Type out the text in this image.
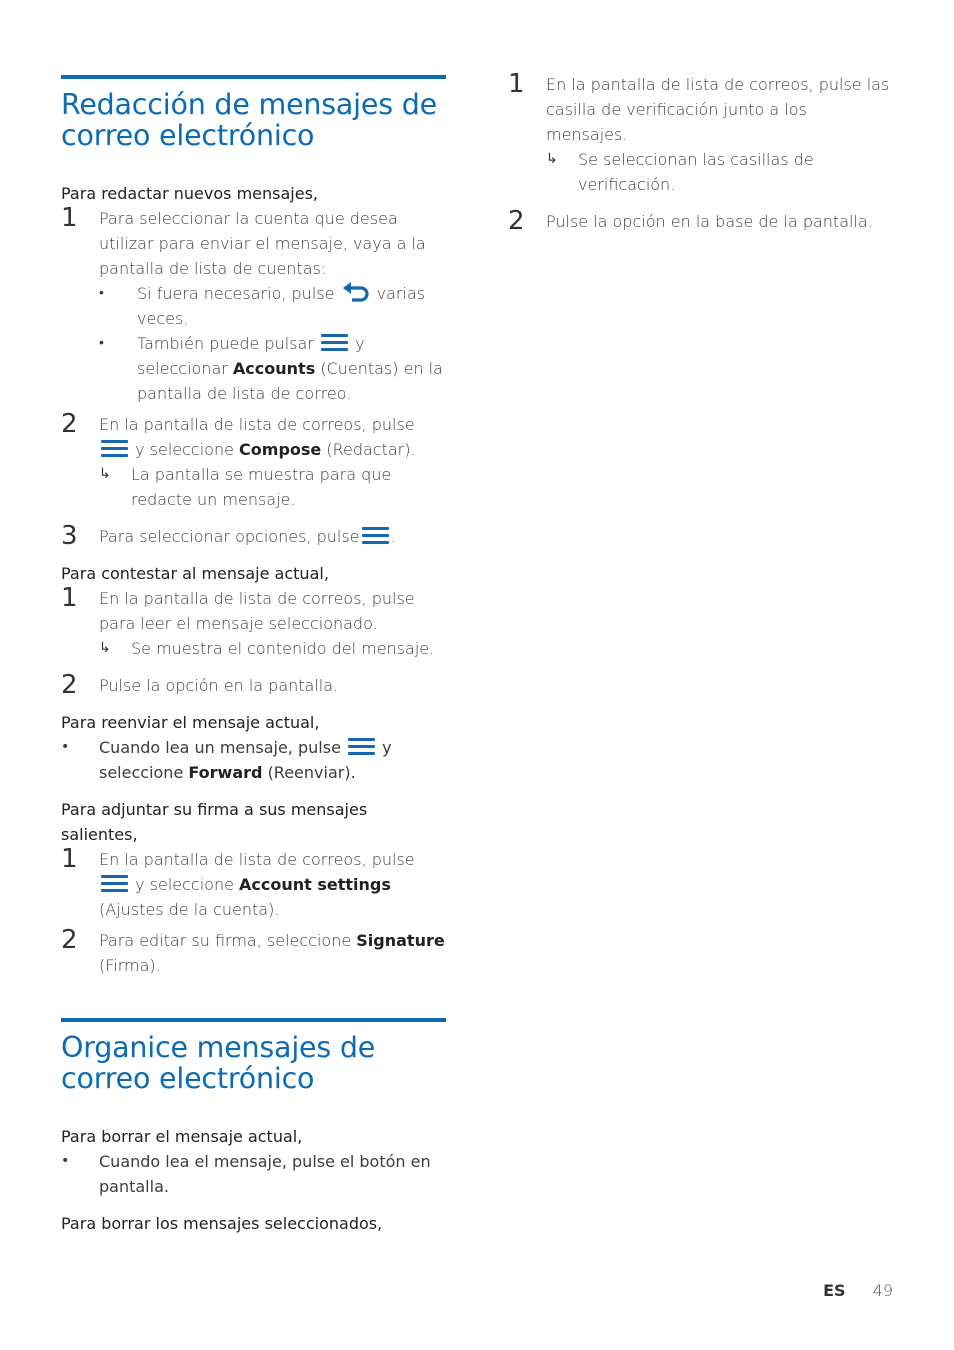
Redacción de mensajes de correo electrónico

Para redactar nuevos mensajes,

1 Para seleccionar la cuenta que desea utilizar para enviar el mensaje, vaya a la pantalla de lista de cuentas:
• Si fuera necesario, pulse	varias veces.
• También puede pulsar	y seleccionar Accounts (Cuentas) en la pantalla de lista de correo.
2 En la pantalla de lista de correos, pulse
y seleccione Compose (Redactar).
↳ La pantalla se muestra para que redacte un mensaje.
3 Para seleccionar opciones, pulse .

Para contestar al mensaje actual,

1 En la pantalla de lista de correos, pulse para leer el mensaje seleccionado.
↳ Se muestra el contenido del mensaje.
2 Pulse la opción en la pantalla.

Para reenviar el mensaje actual,

• Cuando lea un mensaje, pulse	y seleccione Forward (Reenviar).

Para adjuntar su firma a sus mensajes salientes,

1 En la pantalla de lista de correos, pulse
y seleccione Account settings (Ajustes de la cuenta).
2 Para editar su firma, seleccione Signature (Firma).
Organice mensajes de correo electrónico

Para borrar el mensaje actual,

• Cuando lea el mensaje, pulse el botón en pantalla.

Para borrar los mensajes seleccionados,

1 En la pantalla de lista de correos, pulse las casilla de verificación junto a los mensajes.
↳ Se seleccionan las casillas de verificación.
2 Pulse la opción en la base de la pantalla.
ES 49
